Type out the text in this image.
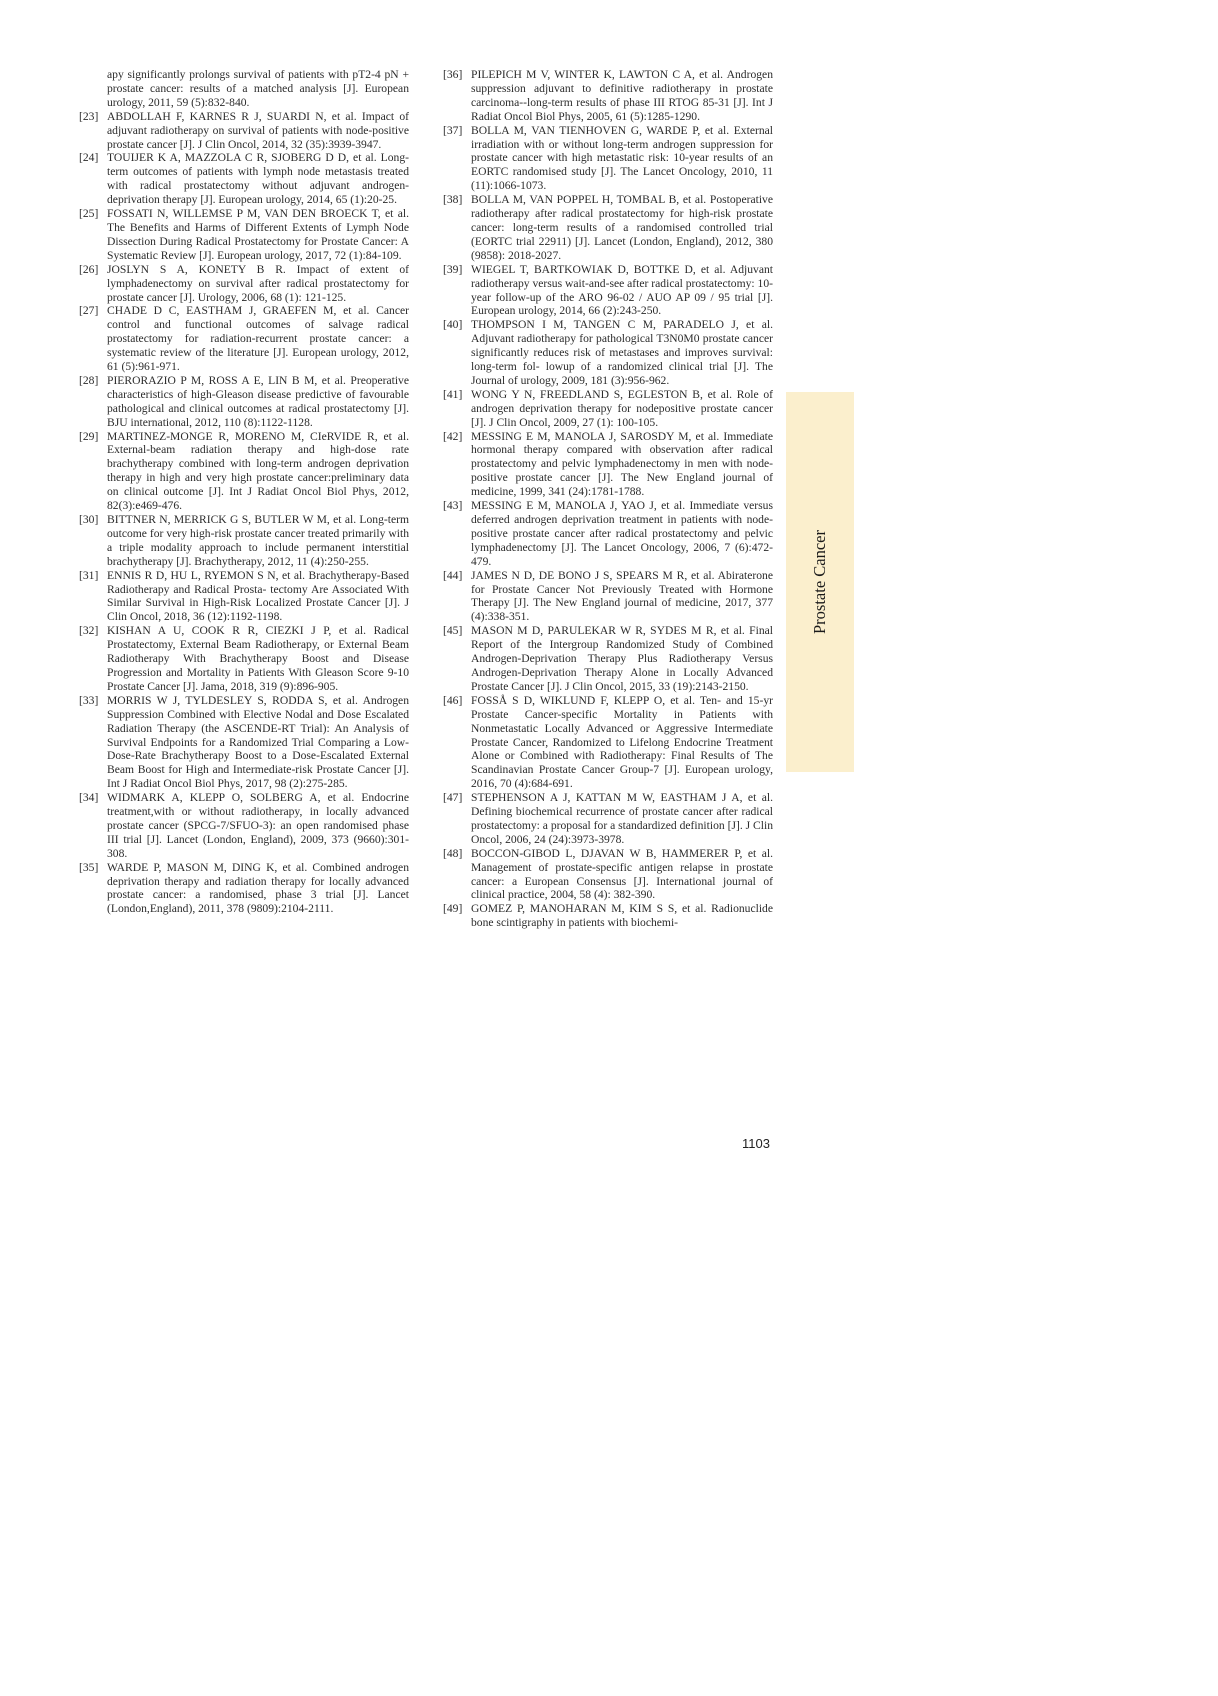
apy significantly prolongs survival of patients with pT2-4 pN + prostate cancer: results of a matched analysis [J]. European urology, 2011, 59 (5):832-840.
[23] ABDOLLAH F, KARNES R J, SUARDI N, et al. Impact of adjuvant radiotherapy on survival of patients with node-positive prostate cancer [J]. J Clin Oncol, 2014, 32 (35):3939-3947.
[24] TOUIJER K A, MAZZOLA C R, SJOBERG D D, et al. Long-term outcomes of patients with lymph node metastasis treated with radical prostatectomy without adjuvant androgen-deprivation therapy [J]. European urology, 2014, 65 (1):20-25.
[25] FOSSATI N, WILLEMSE P M, VAN DEN BROECK T, et al. The Benefits and Harms of Different Extents of Lymph Node Dissection During Radical Prostatectomy for Prostate Cancer: A Systematic Review [J]. European urology, 2017, 72 (1):84-109.
[26] JOSLYN S A, KONETY B R. Impact of extent of lymphadenectomy on survival after radical prostatectomy for prostate cancer [J]. Urology, 2006, 68 (1): 121-125.
[27] CHADE D C, EASTHAM J, GRAEFEN M, et al. Cancer control and functional outcomes of salvage radical prostatectomy for radiation-recurrent prostate cancer: a systematic review of the literature [J]. European urology, 2012, 61 (5):961-971.
[28] PIERORAZIO P M, ROSS A E, LIN B M, et al. Preoperative characteristics of high-Gleason disease predictive of favourable pathological and clinical outcomes at radical prostatectomy [J]. BJU international, 2012, 110 (8):1122-1128.
[29] MARTINEZ-MONGE R, MORENO M, CIeRVIDE R, et al. External-beam radiation therapy and high-dose rate brachytherapy combined with long-term androgen deprivation therapy in high and very high prostate cancer:preliminary data on clinical outcome [J]. Int J Radiat Oncol Biol Phys, 2012, 82(3):e469-476.
[30] BITTNER N, MERRICK G S, BUTLER W M, et al. Long-term outcome for very high-risk prostate cancer treated primarily with a triple modality approach to include permanent interstitial brachytherapy [J]. Brachytherapy, 2012, 11 (4):250-255.
[31] ENNIS R D, HU L, RYEMON S N, et al. Brachytherapy-Based Radiotherapy and Radical Prosta- tectomy Are Associated With Similar Survival in High-Risk Localized Prostate Cancer [J]. J Clin Oncol, 2018, 36 (12):1192-1198.
[32] KISHAN A U, COOK R R, CIEZKI J P, et al. Radical Prostatectomy, External Beam Radiotherapy, or External Beam Radiotherapy With Brachytherapy Boost and Disease Progression and Mortality in Patients With Gleason Score 9-10 Prostate Cancer [J]. Jama, 2018, 319 (9):896-905.
[33] MORRIS W J, TYLDESLEY S, RODDA S, et al. Androgen Suppression Combined with Elective Nodal and Dose Escalated Radiation Therapy (the ASCENDE-RT Trial): An Analysis of Survival Endpoints for a Randomized Trial Comparing a Low-Dose-Rate Brachytherapy Boost to a Dose-Escalated External Beam Boost for High and Intermediate-risk Prostate Cancer [J]. Int J Radiat Oncol Biol Phys, 2017, 98 (2):275-285.
[34] WIDMARK A, KLEPP O, SOLBERG A, et al. Endocrine treatment,with or without radiotherapy, in locally advanced prostate cancer (SPCG-7/SFUO-3): an open randomised phase III trial [J]. Lancet (London, England), 2009, 373 (9660):301-308.
[35] WARDE P, MASON M, DING K, et al. Combined androgen deprivation therapy and radiation therapy for locally advanced prostate cancer: a randomised, phase 3 trial [J]. Lancet (London,England), 2011, 378 (9809):2104-2111.
[36] PILEPICH M V, WINTER K, LAWTON C A, et al. Androgen suppression adjuvant to definitive radiotherapy in prostate carcinoma--long-term results of phase III RTOG 85-31 [J]. Int J Radiat Oncol Biol Phys, 2005, 61 (5):1285-1290.
[37] BOLLA M, VAN TIENHOVEN G, WARDE P, et al. External irradiation with or without long-term androgen suppression for prostate cancer with high metastatic risk: 10-year results of an EORTC randomised study [J]. The Lancet Oncology, 2010, 11 (11):1066-1073.
[38] BOLLA M, VAN POPPEL H, TOMBAL B, et al. Postoperative radiotherapy after radical prostatectomy for high-risk prostate cancer: long-term results of a randomised controlled trial (EORTC trial 22911) [J]. Lancet (London, England), 2012, 380 (9858): 2018-2027.
[39] WIEGEL T, BARTKOWIAK D, BOTTKE D, et al. Adjuvant radiotherapy versus wait-and-see after radical prostatectomy: 10-year follow-up of the ARO 96-02 / AUO AP 09 / 95 trial [J]. European urology, 2014, 66 (2):243-250.
[40] THOMPSON I M, TANGEN C M, PARADELO J, et al. Adjuvant radiotherapy for pathological T3N0M0 prostate cancer significantly reduces risk of metastases and improves survival: long-term fol- lowup of a randomized clinical trial [J]. The Journal of urology, 2009, 181 (3):956-962.
[41] WONG Y N, FREEDLAND S, EGLESTON B, et al. Role of androgen deprivation therapy for nodepositive prostate cancer [J]. J Clin Oncol, 2009, 27 (1): 100-105.
[42] MESSING E M, MANOLA J, SAROSDY M, et al. Immediate hormonal therapy compared with observation after radical prostatectomy and pelvic lymphadenectomy in men with node-positive prostate cancer [J]. The New England journal of medicine, 1999, 341 (24):1781-1788.
[43] MESSING E M, MANOLA J, YAO J, et al. Immediate versus deferred androgen deprivation treatment in patients with node-positive prostate cancer after radical prostatectomy and pelvic lymphadenectomy [J]. The Lancet Oncology, 2006, 7 (6):472-479.
[44] JAMES N D, DE BONO J S, SPEARS M R, et al. Abiraterone for Prostate Cancer Not Previously Treated with Hormone Therapy [J]. The New England journal of medicine, 2017, 377 (4):338-351.
[45] MASON M D, PARULEKAR W R, SYDES M R, et al. Final Report of the Intergroup Randomized Study of Combined Androgen-Deprivation Therapy Plus Radiotherapy Versus Androgen-Deprivation Therapy Alone in Locally Advanced Prostate Cancer [J]. J Clin Oncol, 2015, 33 (19):2143-2150.
[46] FOSSÅ S D, WIKLUND F, KLEPP O, et al. Ten- and 15-yr Prostate Cancer-specific Mortality in Patients with Nonmetastatic Locally Advanced or Aggressive Intermediate Prostate Cancer, Randomized to Lifelong Endocrine Treatment Alone or Combined with Radiotherapy: Final Results of The Scandinavian Prostate Cancer Group-7 [J]. European urology, 2016, 70 (4):684-691.
[47] STEPHENSON A J, KATTAN M W, EASTHAM J A, et al. Defining biochemical recurrence of prostate cancer after radical prostatectomy: a proposal for a standardized definition [J]. J Clin Oncol, 2006, 24 (24):3973-3978.
[48] BOCCON-GIBOD L, DJAVAN W B, HAMMERER P, et al. Management of prostate-specific antigen relapse in prostate cancer: a European Consensus [J]. International journal of clinical practice, 2004, 58 (4): 382-390.
[49] GOMEZ P, MANOHARAN M, KIM S S, et al. Radionuclide bone scintigraphy in patients with biochemi-
Prostate Cancer
1103
